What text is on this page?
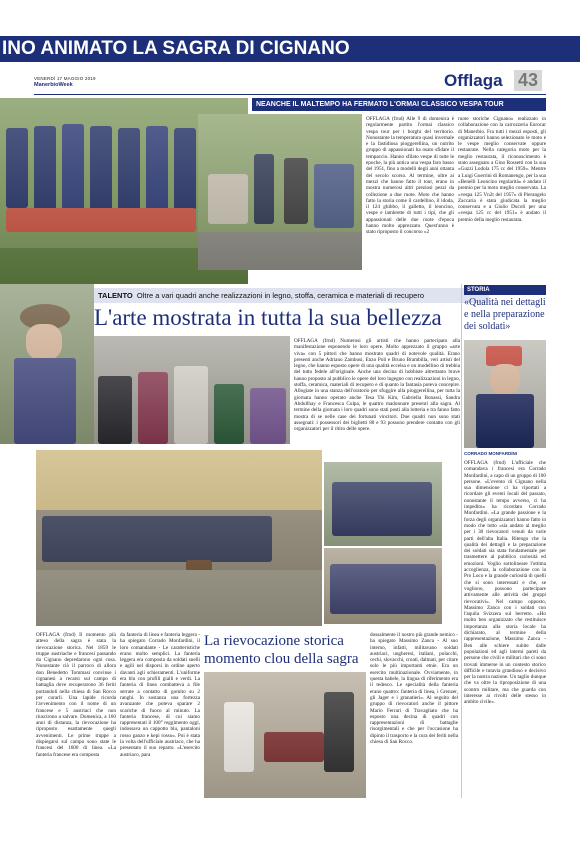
INO ANIMATO LA SAGRA DI CIGNANO
VENERDÌ 17 MAGGIO 2019
ManerbioWeek	Offlaga 43
NEANCHE IL MALTEMPO HA FERMATO L'ORMAI CLASSICO VESPA TOUR
OFFLAGA (frnd) Alle 9 di domenica è regolarmente partito l'ormai classico vespa tour per i borghi del territorio. Nonostante la temperatura quasi invernale e la fastidiosa pioggerellina, un nutrito gruppo di appassionati ha osato sfidare il tempaccio. Hanno sfilato vespe di tutte le epoche, la più antica una vespa faro basso del 1951, fino a modelli degli anni ottanta del secolo scorso. Al termine, oltre ai mezzi che hanno fatto il tour, erano in mostra numerosi altri preziosi pezzi da collezione a due ruote. Moto che hanno fatto la storia come il cardellino, il idoda, il 124 ghibbo, il galletto, il leoncino, vespe e lambrette di tutti i tipi, che gli appassionati delle due ruote d'epoca hanno molto apprezzato. Quest'anno è stato riproposto il concorso «2
ruote storiche Cignano» realizzato in collaborazione con la carrozzeria Eurocar di Manerbio. Fra tutti i mezzi esposti, gli organizzatori hanno selezionato le moto e le vespe meglio conservate oppure restaurate. Nella categoria moto per la meglio restaurata, il riconoscimento è stato assegnato a Gino Rossetti con la sua «Guzzi Lodola 175 cc del 1959». Mentre a Luigi Guerrini di Romanengo, per la sua «Benelli Leoncino regolarità» è andato il premio per la moto meglio conservata. La «vespa 125 Vn2t del 1957» di Pierangelo Zaccaria è stata giudicata la meglio conservata e a Giulio Ducoli per una «vespa 125 cc del 1951» è andato il premio della meglio restaurata.
TALENTO Oltre a vari quadri anche realizzazioni in legno, stoffa, ceramica e materiali di recupero
L'arte mostrata in tutta la sua bellezza
OFFLAGA (frnd) Numerosi gli artisti che hanno partecipato alla manifestazione esponendo le loro opere. Molto apprezzato il gruppo «arte viva» con 5 pittori che hanno mostrato quadri di notevole qualità. Erano presenti anche Adriano Zambusi, Enzo Poli e Bruno Brambilla, veri artisti del legno, che hanno esposto opere di una qualità eccelsa e un modellino di trebbia del tutto fedele all'originale. Anche una decina di hobbiste altrettanto brave hanno proposto al pubblico le opere del loro ingegno con realizzazioni in legno, stoffa, ceramica, materiali di recupero e di quanto la fantasia poteva concepire. Allogiate in una stanza dell'oratorio per sfuggire alla pioggerellina, per tutta la giornata hanno operato anche Tesa Thi Kim, Gabriella Bonassi, Sandra Abdullhay e Francesca Culpa, le quattro madonnare presenti alla sagra. Al termine della giornata i loro quadri sono stati posti alla lotteria e tra fanno fatto mostra di se nelle case dei fortunati vincitori. Due quadri non sono stati assegnati: i possessori dei biglietti 80 e 93 possono prendere contatto con gli organizzatori per il ritiro delle opere.
STORIA
«Qualità nei dettagli e nella preparazione dei soldati»
CORRADO MONFARDINI
OFFLAGA (frnd) L'ufficiale che comandava i francesi era Corrado Monfardini, a capo di un gruppo di 100 persone. «L'evento di Cignano nella sua dimensione ci ha riportati a ricordare gli eventi locali del passato, nonostante il tempo avverso, ci ha impedito» ha ricordato Corrado Monfardini. «La grande passione e la forza degli organizzatori hanno fatto in modo che tutto «sia andato al meglio per i 30 rievocatori venuti da varie parti dell'alta Italia. Ritengo che la qualità dei dettagli e la preparazione dei soldati sia stata fondamentale per trasmettere al pubblico curiosità ed emozioni. Voglio sottolineare l'ottima accoglienza, la collaborazione con la Pro Loco e la grande curiosità di quelli che si sono interessati e che, se vogliono, possono partecipare attivamente alle attività dei gruppi rievocativi». Nel campo opposto, Massimo Zanca con i soldati con l'aquila Svizzera sul berretto. «Ho molto ben organizzato che restituisce importanza alla storia locale ha dichiarato, al termine della rappresentazione, Massimo Zanca - Ben alle schiere subite dalle popolazioni ed agli interni pareti da persone che civili e militari che ci sono trovati immerse in un contesto storico difficile e tutavia grandioso e decisivo per la nostra nazione. Un taglio dunque che va oltre la riproposizione di una scontro militare, ma che guarda con interesse ai rivolti delle stesso in ambito civile».
OFFLAGA (frnd) Il momento più atteso della sagra è stata la rievocazione storica. Nel 1859 le truppe austriache e francesi passando da Cignano depredarono ogni cosa. Nonostante ciò il parroco di allora don Benedetto Tommasi convinse i cignanesi a recarsi sul campo di battaglia dove recuperarono 36 feriti portandoli nella chiesa di San Rocco per curarli. Una lapide ricorda l'avvenimento con il nome di un francese e 5 austriaci che non riuscirono a salvare. Domenica, a 160 anni di distanza, la rievocazione ha riproposto esattamente quegli avvenimenti. Le prime truppe a dispiegarsi sul campo sono state le francesi del 1600 di linea. «La fanteria francese era composta
da fanteria di linea e fanteria leggera - ha spiegato Corrado Monfardini, il loro comandante - Le caratteristiche erano molto semplici. La fanteria leggera era composta da soldati snelli e agili nel disporsi in ordine aperto davanti agli schieramenti. L'uniforme era blu con profili gialli e verdi. La fanteria di linea combatteva a file serrate a contatto di gomito su 2 ranghi. In sostanza una fortezza avanzante che poteva sparare 2 scariche di fuoco al minuto. La fanteria francese, di cui siamo rappresentati il 100° reggimento oggi, indossava un cappotto blu, pantaloni rosso ganzo e kepi rosso». Poi è stata la volta dell'ufficiale austriaco, che ha presentato il suo reparto. «L'esercito austriaco, para
La rievocazione storica momento clou della sagra
dossalmente il nostro più grande nemico - ha spiegato Massimo Zanca - Al suo interno, infatti, militavano soldati austriaci, ungheresi, italiani, polacchi, cechi, slovacchi, croati, dalmati, per citare solo le più importanti etnie. Era un esercito multinazionale. Ovviamente, in questa babele, la lingua di riferimento era il tedesco. Le specialità della fanteria erano quattro: fanteria di linea, i Grenzer, gli Jager e i granatieri». Al seguito del gruppo di rievocatori anche il pittore Mario Ferrari di Travagliato che ha esposto una decina di quadri con rappresentazioni di battaglie risorgimentali e che per l'occasione ha dipinto il trasporto e la cura dei feriti nella chiesa di San Rocco.
